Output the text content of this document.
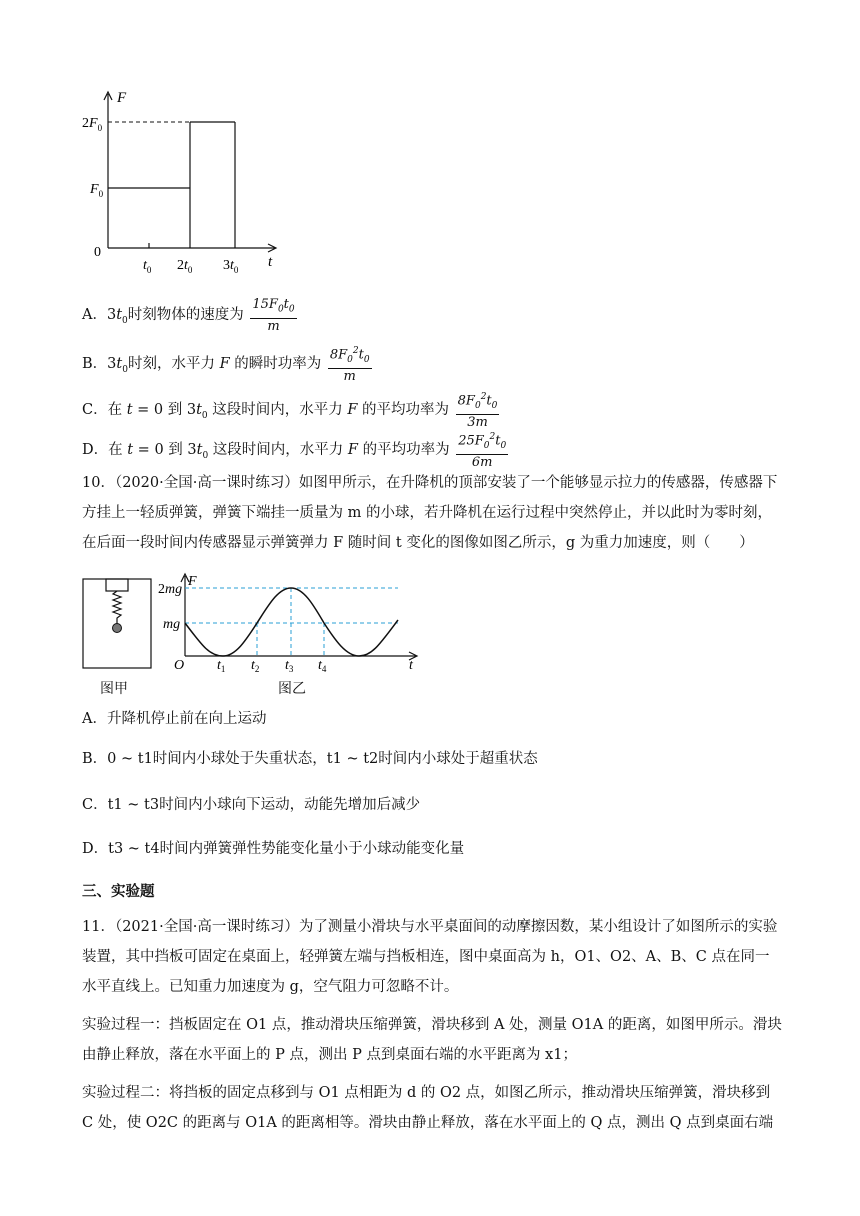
F
t
$2F_0$
$F_0$
0
$t_0$ $2t_0$ $3t_0$
A．$3t_0$时刻物体的速度为 $\frac{15F_0t_0}{m}$
B．$3t_0$时刻，水平力 F 的瞬时功率为 $\frac{8F_0^2t_0}{m}$
C．在 t = 0 到 $3t_0$ 这段时间内，水平力 F 的平均功率为 $\frac{8F_0^2t_0}{3m}$
D．在 t = 0 到 $3t_0$ 这段时间内，水平力 F 的平均功率为 $\frac{25F_0^2t_0}{6m}$
10．（2020·全国·高一课时练习）如图甲所示，在升降机的顶部安装了一个能够显示拉力的传感器，传感器下方挂上一轻质弹簧，弹簧下端挂一质量为 m 的小球，若升降机在运行过程中突然停止，并以此时为零时刻，在后面一段时间内传感器显示弹簧弹力 F 随时间 t 变化的图像如图乙所示，g 为重力加速度，则（　　）
图甲
F
2mg
mg
O $t_1$ $t_2$ $t_3$ $t_4$	t
图乙
A．升降机停止前在向上运动
B．0 ~ t1时间内小球处于失重状态，t1 ~ t2时间内小球处于超重状态
C．t1 ~ t3时间内小球向下运动，动能先增加后减少
D．t3 ~ t4时间内弹簧弹性势能变化量小于小球动能变化量
三、实验题
11．（2021·全国·高一课时练习）为了测量小滑块与水平桌面间的动摩擦因数，某小组设计了如图所示的实验装置，其中挡板可固定在桌面上，轻弹簧左端与挡板相连，图中桌面高为 h，O1、O2、A、B、C 点在同一水平直线上。已知重力加速度为 g，空气阻力可忽略不计。
实验过程一：挡板固定在 O1 点，推动滑块压缩弹簧，滑块移到 A 处，测量 O1A 的距离，如图甲所示。滑块由静止释放，落在水平面上的 P 点，测出 P 点到桌面右端的水平距离为 x1；
实验过程二：将挡板的固定点移到与 O1 点相距为 d 的 O2 点，如图乙所示，推动滑块压缩弹簧，滑块移到 C 处，使 O2C 的距离与 O1A 的距离相等。滑块由静止释放，落在水平面上的 Q 点，测出 Q 点到桌面右端
